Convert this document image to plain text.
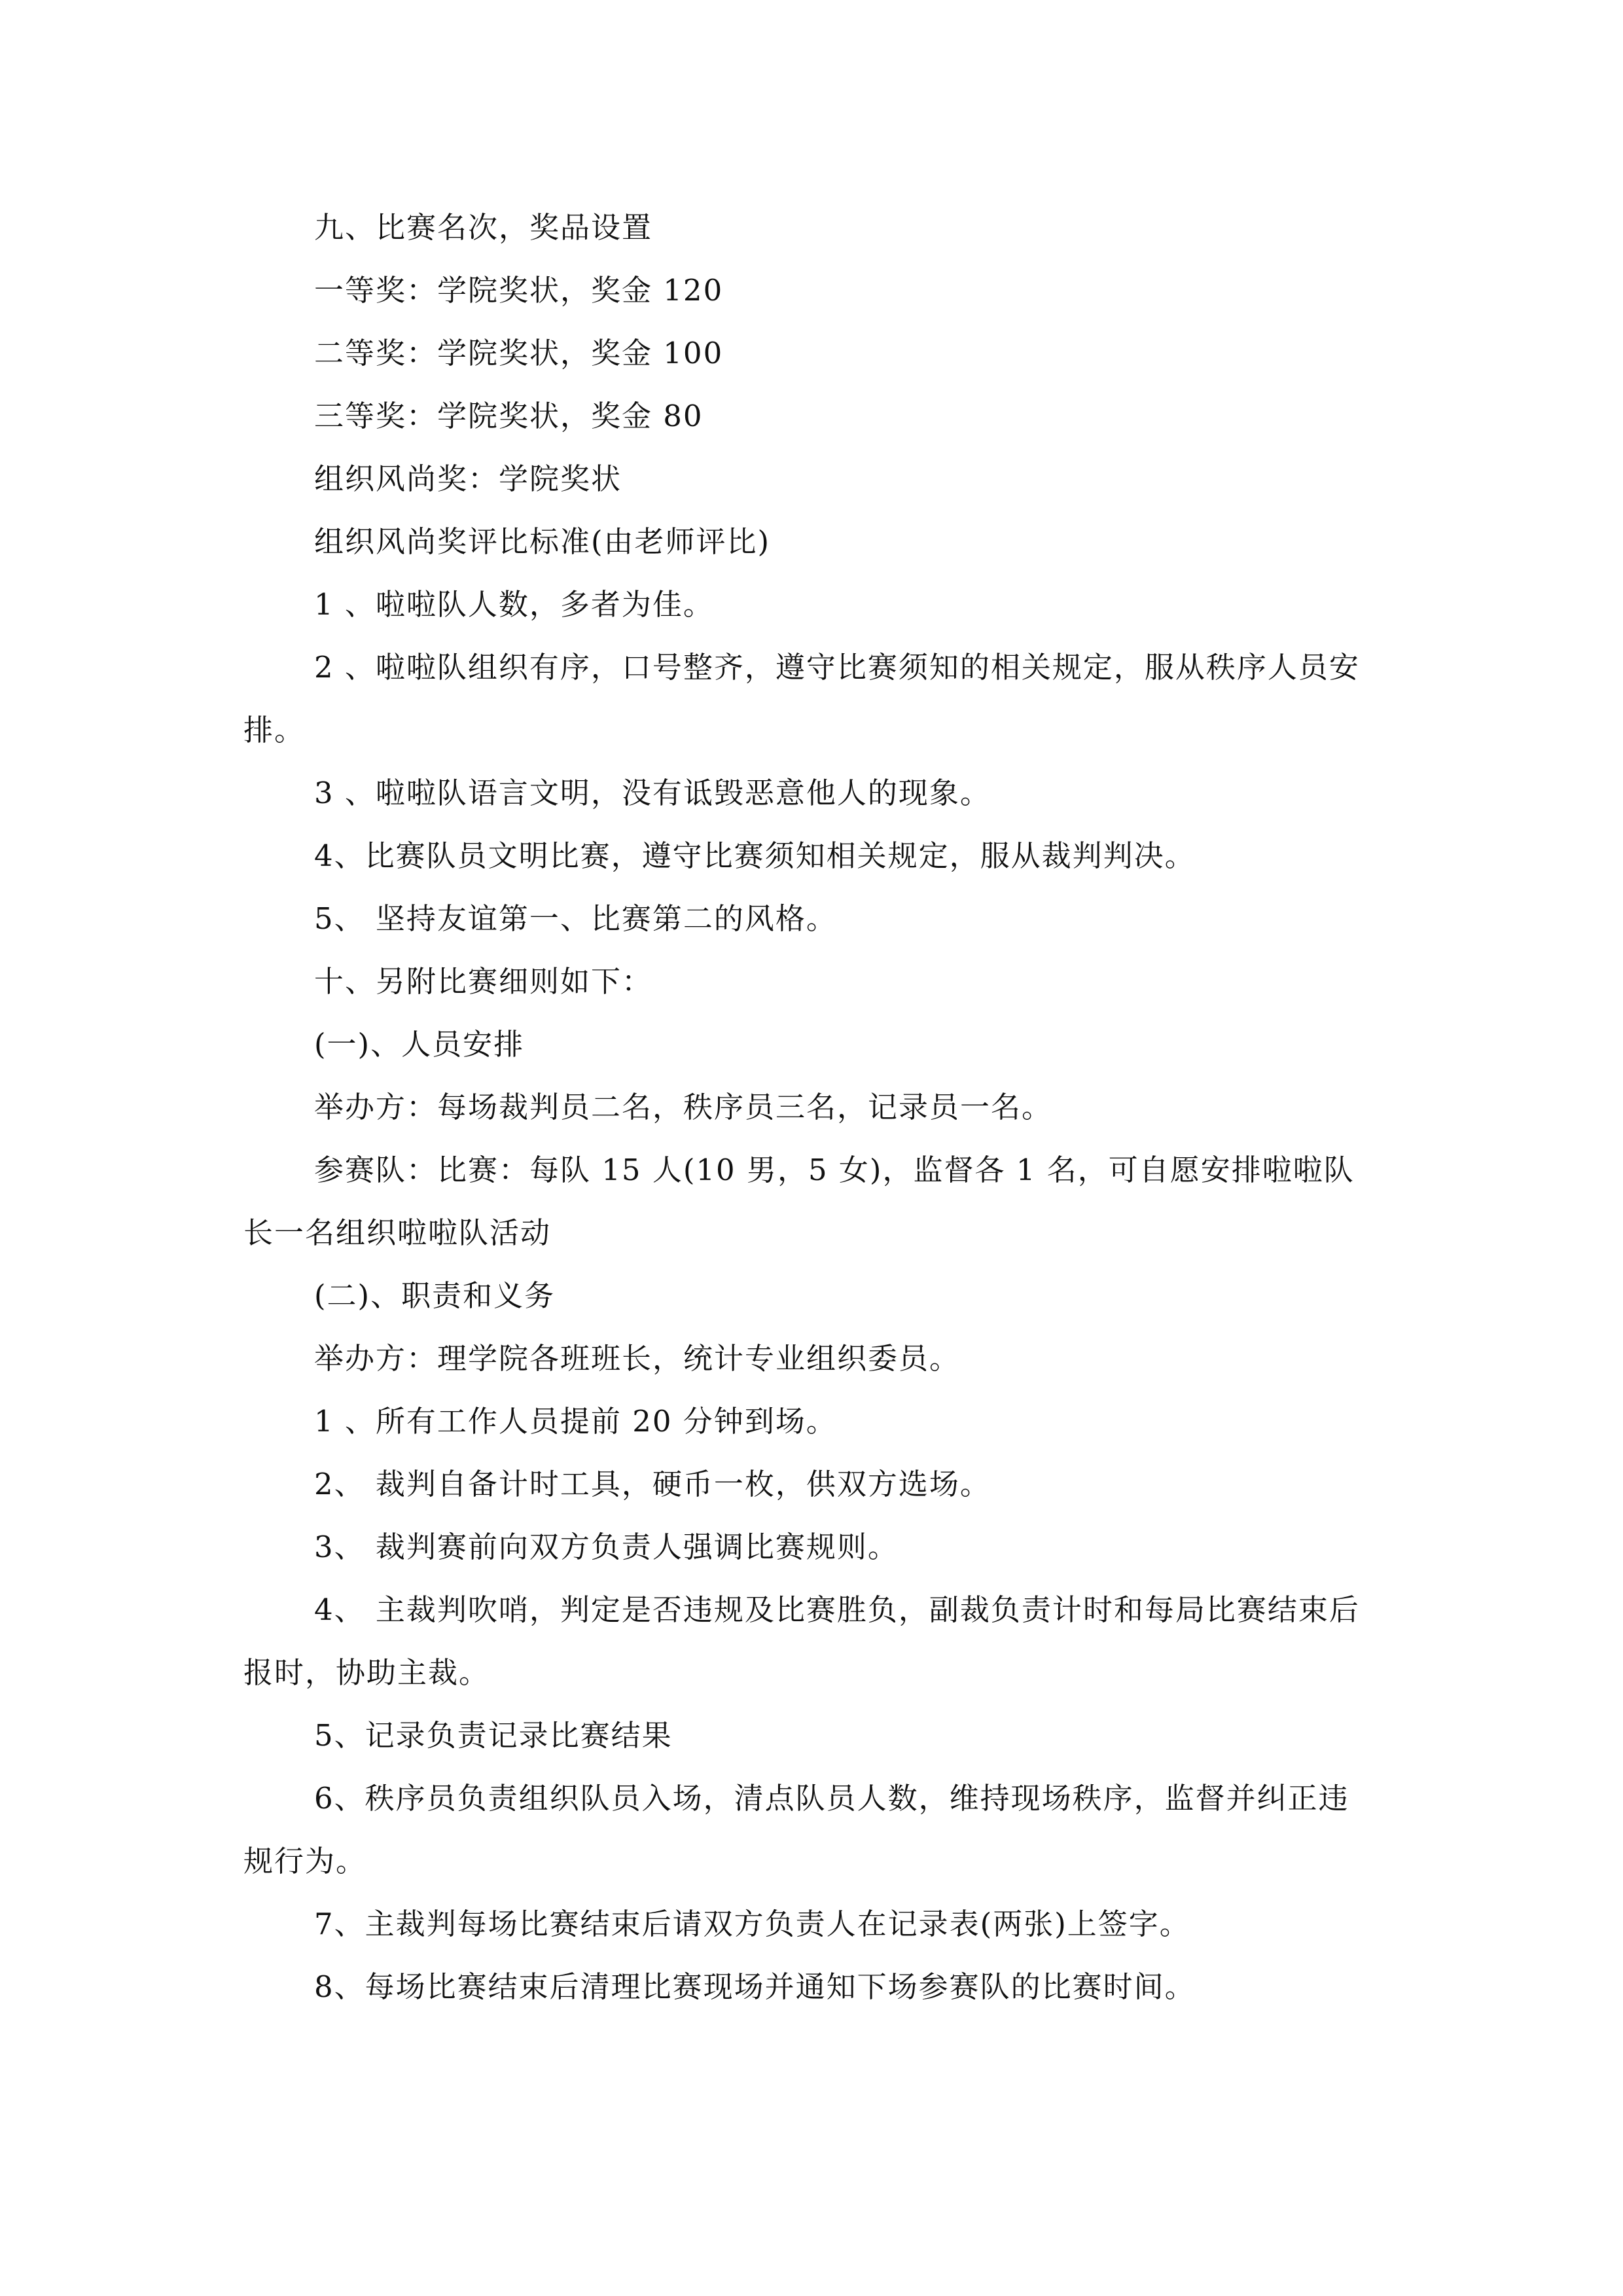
九、比赛名次，奖品设置

一等奖：学院奖状，奖金 120

二等奖：学院奖状，奖金 100

三等奖：学院奖状，奖金 80

组织风尚奖：学院奖状

组织风尚奖评比标准(由老师评比)

1 、啦啦队人数，多者为佳。

2 、啦啦队组织有序，口号整齐，遵守比赛须知的相关规定，服从秩序人员安排。

3 、啦啦队语言文明，没有诋毁恶意他人的现象。

4、比赛队员文明比赛，遵守比赛须知相关规定，服从裁判判决。

5、 坚持友谊第一、比赛第二的风格。

十、另附比赛细则如下：

(一)、人员安排

举办方：每场裁判员二名，秩序员三名，记录员一名。

参赛队：比赛：每队 15 人(10 男，5 女)，监督各 1 名，可自愿安排啦啦队长一名组织啦啦队活动

(二)、职责和义务

举办方：理学院各班班长，统计专业组织委员。

1 、所有工作人员提前 20 分钟到场。

2、 裁判自备计时工具，硬币一枚，供双方选场。

3、 裁判赛前向双方负责人强调比赛规则。

4、 主裁判吹哨，判定是否违规及比赛胜负，副裁负责计时和每局比赛结束后报时，协助主裁。

5、记录负责记录比赛结果

6、秩序员负责组织队员入场，清点队员人数，维持现场秩序，监督并纠正违规行为。

7、主裁判每场比赛结束后请双方负责人在记录表(两张)上签字。

8、每场比赛结束后清理比赛现场并通知下场参赛队的比赛时间。
